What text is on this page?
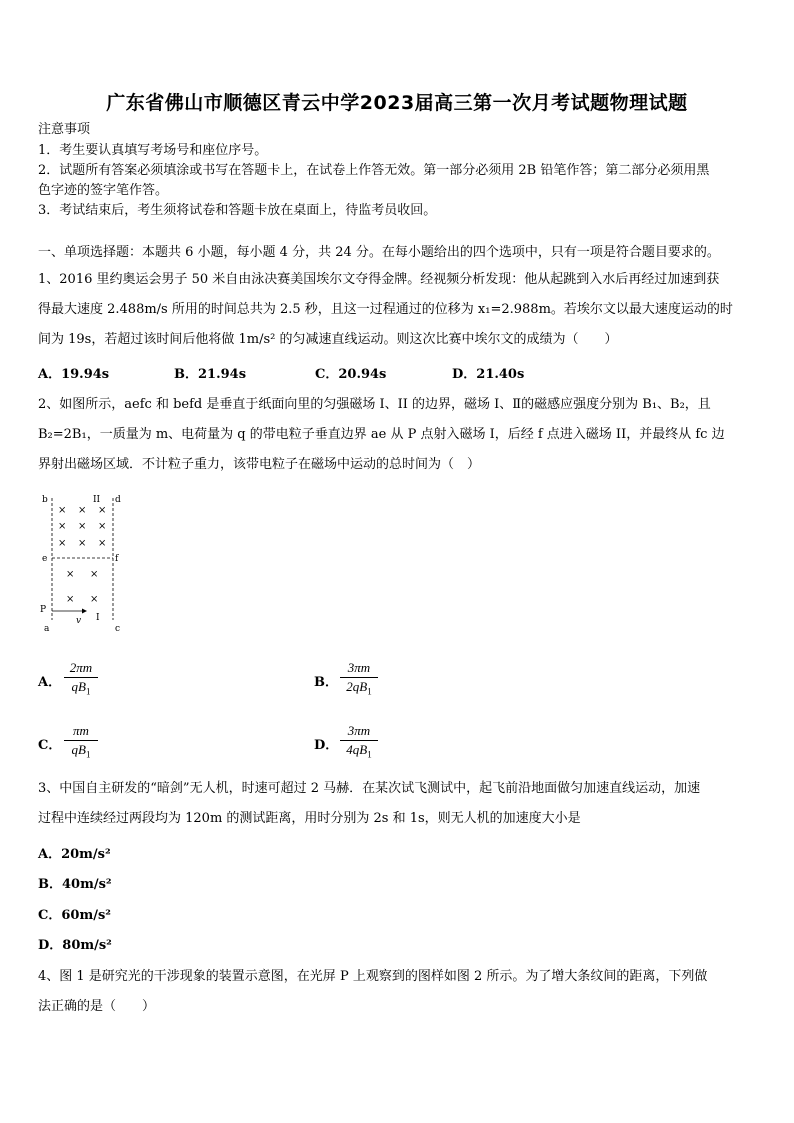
广东省佛山市顺德区青云中学2023届高三第一次月考试题物理试题
注意事项
1．考生要认真填写考场号和座位序号。
2．试题所有答案必须填涂或书写在答题卡上，在试卷上作答无效。第一部分必须用 2B 铅笔作答；第二部分必须用黑
色字迹的签字笔作答。
3．考试结束后，考生须将试卷和答题卡放在桌面上，待监考员收回。
一、单项选择题：本题共 6 小题，每小题 4 分，共 24 分。在每小题给出的四个选项中，只有一项是符合题目要求的。
1、2016 里约奥运会男子 50 米自由泳决赛美国埃尔文夺得金牌。经视频分析发现：他从起跳到入水后再经过加速到获
得最大速度 2.488m/s 所用的时间总共为 2.5 秒，且这一过程通过的位移为 x₁=2.988m。若埃尔文以最大速度运动的时
间为 19s，若超过该时间后他将做 1m/s² 的匀减速直线运动。则这次比赛中埃尔文的成绩为（　　）
A．19.94s	B．21.94s	C．20.94s	D．21.40s
2、如图所示，aefc 和 befd 是垂直于纸面向里的匀强磁场 I、II 的边界，磁场 I、Ⅱ的磁感应强度分别为 B₁、B₂，且
B₂=2B₁，一质量为 m、电荷量为 q 的带电粒子垂直边界 ae 从 P 点射入磁场 I，后经 f 点进入磁场 II，并最终从 fc 边
界射出磁场区域．不计粒子重力，该带电粒子在磁场中运动的总时间为（　）
b	d
II
e	f
P
a	c
v I
× × ×
× × ×
× × ×
× ×
× ×
A．
2πm
$qB_1$
B．
3πm
$2qB_1$
C．
πm
$qB_1$
D．
3πm
$4qB_1$
3、中国自主研发的“暗剑”无人机，时速可超过 2 马赫．在某次试飞测试中，起飞前沿地面做匀加速直线运动，加速
过程中连续经过两段均为 120m 的测试距离，用时分别为 2s 和 1s，则无人机的加速度大小是
A．20m/s²
B．40m/s²
C．60m/s²
D．80m/s²
4、图 1 是研究光的干涉现象的装置示意图，在光屏 P 上观察到的图样如图 2 所示。为了增大条纹间的距离，下列做
法正确的是（　　）
